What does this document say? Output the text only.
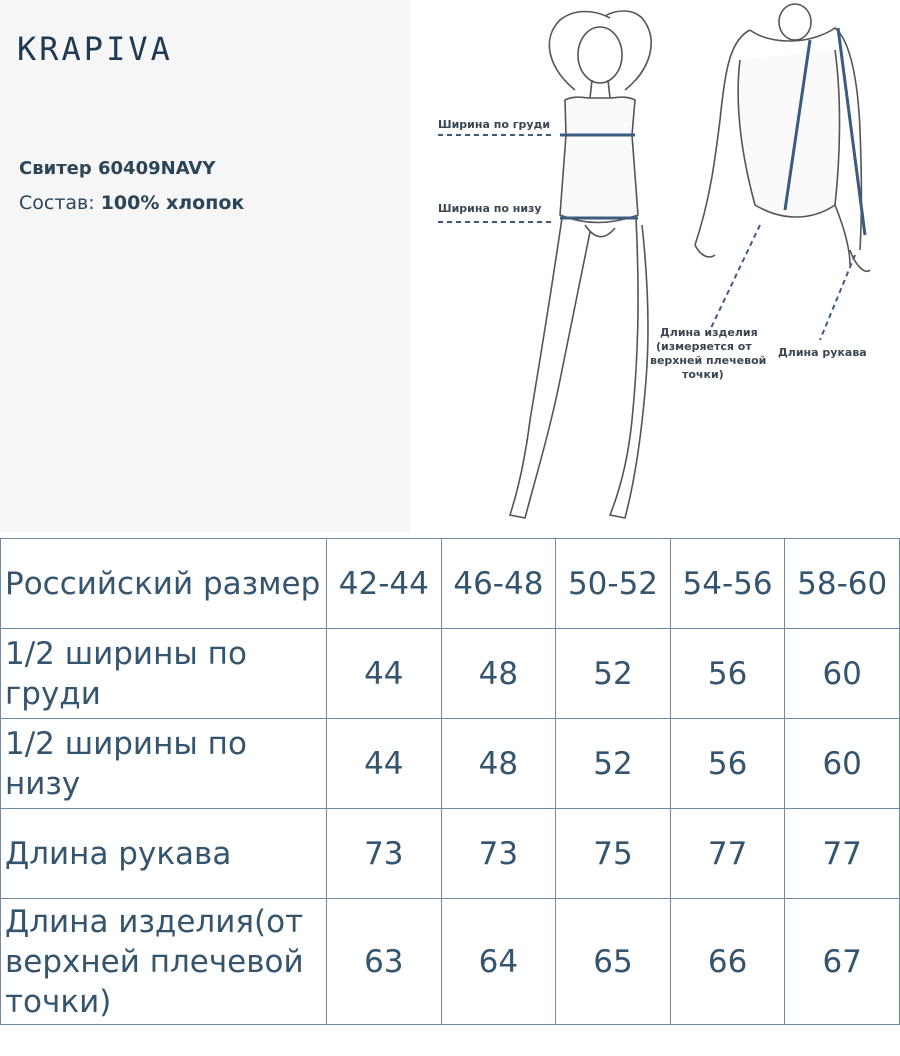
KRAPIVA
Свитер 60409NAVY
Состав: 100% хлопок
Ширина по груди
Ширина по низу
Длина изделия
(измеряется от
верхней плечевой
точки)
Длина рукава
Российский размер	42-44	46-48	50-52	54-56	58-60
1/2 ширины по груди	44	48	52	56	60
1/2 ширины по низу	44	48	52	56	60
Длина рукава	73	73	75	77	77
Длина изделия(от верхней плечевой точки)	63	64	65	66	67
